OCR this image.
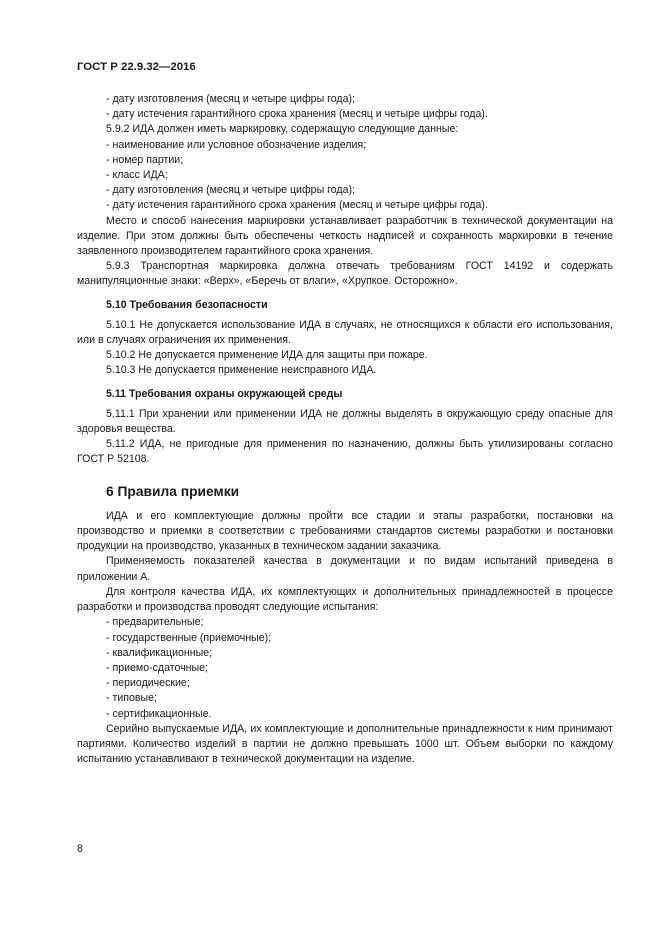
ГОСТ Р 22.9.32—2016
- дату изготовления (месяц и четыре цифры года);
- дату истечения гарантийного срока хранения (месяц и четыре цифры года).
5.9.2 ИДА должен иметь маркировку, содержащую следующие данные:
- наименование или условное обозначение изделия;
- номер партии;
- класс ИДА;
- дату изготовления (месяц и четыре цифры года);
- дату истечения гарантийного срока хранения (месяц и четыре цифры года).
Место и способ нанесения маркировки устанавливает разработчик в технической документации на изделие. При этом должны быть обеспечены четкость надписей и сохранность маркировки в течение заявленного производителем гарантийного срока хранения.
5.9.3 Транспортная маркировка должна отвечать требованиям ГОСТ 14192 и содержать манипуляционные знаки: «Верх», «Беречь от влаги», «Хрупкое. Осторожно».
5.10 Требования безопасности
5.10.1 Не допускается использование ИДА в случаях, не относящихся к области его использования, или в случаях ограничения их применения.
5.10.2 Не допускается применение ИДА для защиты при пожаре.
5.10.3 Не допускается применение неисправного ИДА.
5.11 Требования охраны окружающей среды
5.11.1 При хранении или применении ИДА не должны выделять в окружающую среду опасные для здоровья вещества.
5.11.2 ИДА, не пригодные для применения по назначению, должны быть утилизированы согласно ГОСТ Р 52108.
6 Правила приемки
ИДА и его комплектующие должны пройти все стадии и этапы разработки, постановки на производство и приемки в соответствии с требованиями стандартов системы разработки и постановки продукции на производство, указанных в техническом задании заказчика.
Применяемость показателей качества в документации и по видам испытаний приведена в приложении А.
Для контроля качества ИДА, их комплектующих и дополнительных принадлежностей в процессе разработки и производства проводят следующие испытания:
- предварительные;
- государственные (приемочные);
- квалификационные;
- приемо-сдаточные;
- периодические;
- типовые;
- сертификационные.
Серийно выпускаемые ИДА, их комплектующие и дополнительные принадлежности к ним принимают партиями. Количество изделий в партии не должно превышать 1000 шт. Объем выборки по каждому испытанию устанавливают в технической документации на изделие.
8
